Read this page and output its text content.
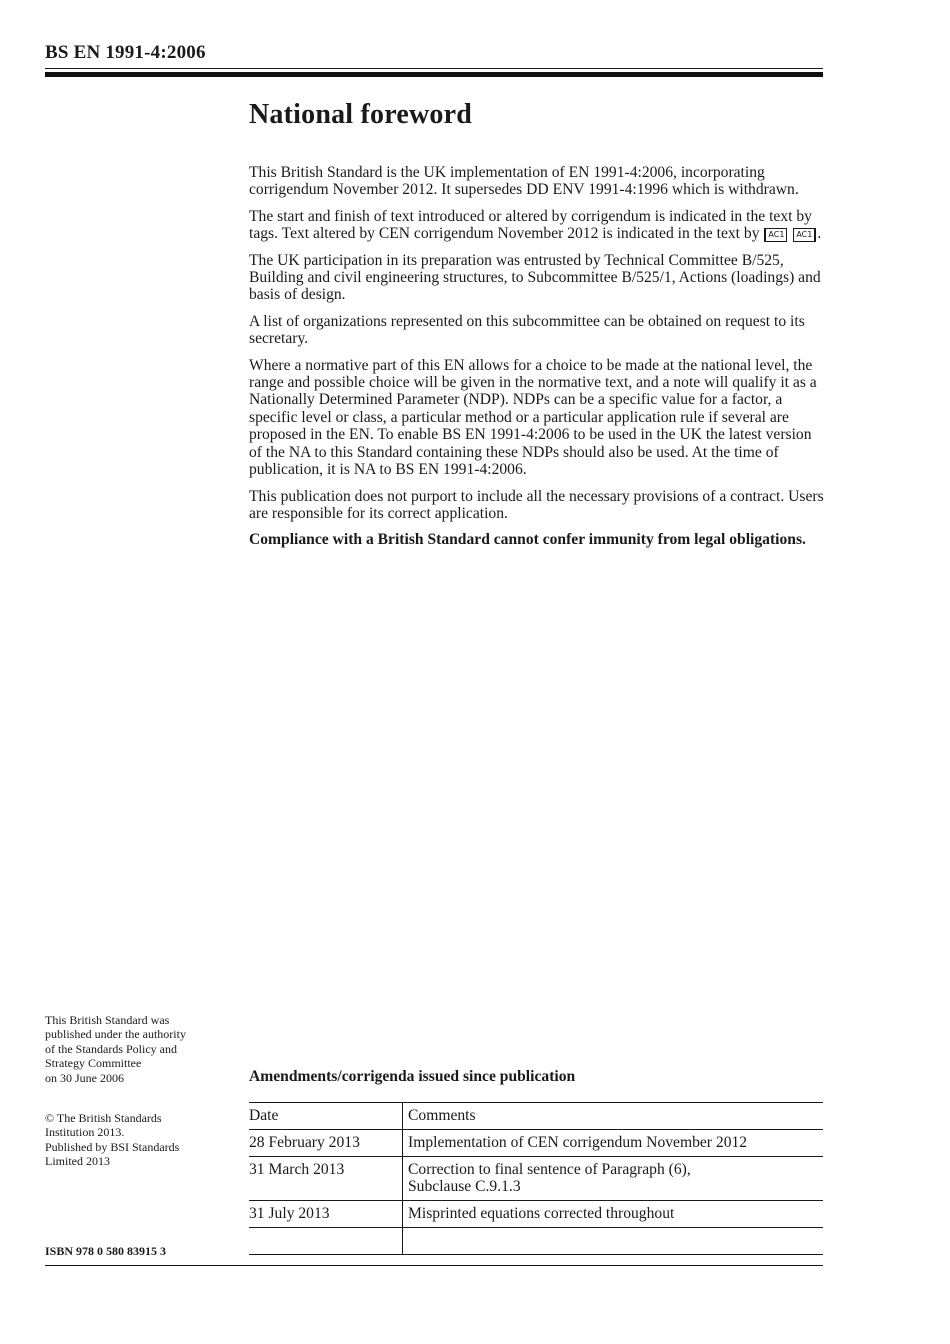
BS EN 1991-4:2006
National foreword

This British Standard is the UK implementation of EN 1991-4:2006, incorporating corrigendum November 2012. It supersedes DD ENV 1991-4:1996 which is withdrawn.

The start and finish of text introduced or altered by corrigendum is indicated in the text by tags. Text altered by CEN corrigendum November 2012 is indicated in the text by AC1 AC1 .

The UK participation in its preparation was entrusted by Technical Committee B/525, Building and civil engineering structures, to Subcommittee B/525/1, Actions (loadings) and basis of design.

A list of organizations represented on this subcommittee can be obtained on request to its secretary.

Where a normative part of this EN allows for a choice to be made at the national level, the range and possible choice will be given in the normative text, and a note will qualify it as a Nationally Determined Parameter (NDP). NDPs can be a specific value for a factor, a specific level or class, a particular method or a particular application rule if several are proposed in the EN. To enable BS EN 1991-4:2006 to be used in the UK the latest version of the NA to this Standard containing these NDPs should also be used. At the time of publication, it is NA to BS EN 1991-4:2006.

This publication does not purport to include all the necessary provisions of a contract. Users are responsible for its correct application.

Compliance with a British Standard cannot confer immunity from legal obligations.

This British Standard was
published under the authority
of the Standards Policy and
Strategy Committee
on 30 June 2006
© The British Standards
Institution 2013.
Published by BSI Standards
Limited 2013
ISBN 978 0 580 83915 3
Amendments/corrigenda issued since publication
Date	Comments
28 February 2013	Implementation of CEN corrigendum November 2012
31 March 2013	Correction to final sentence of Paragraph (6),
Subclause C.9.1.3

31 July 2013	Misprinted equations corrected throughout
